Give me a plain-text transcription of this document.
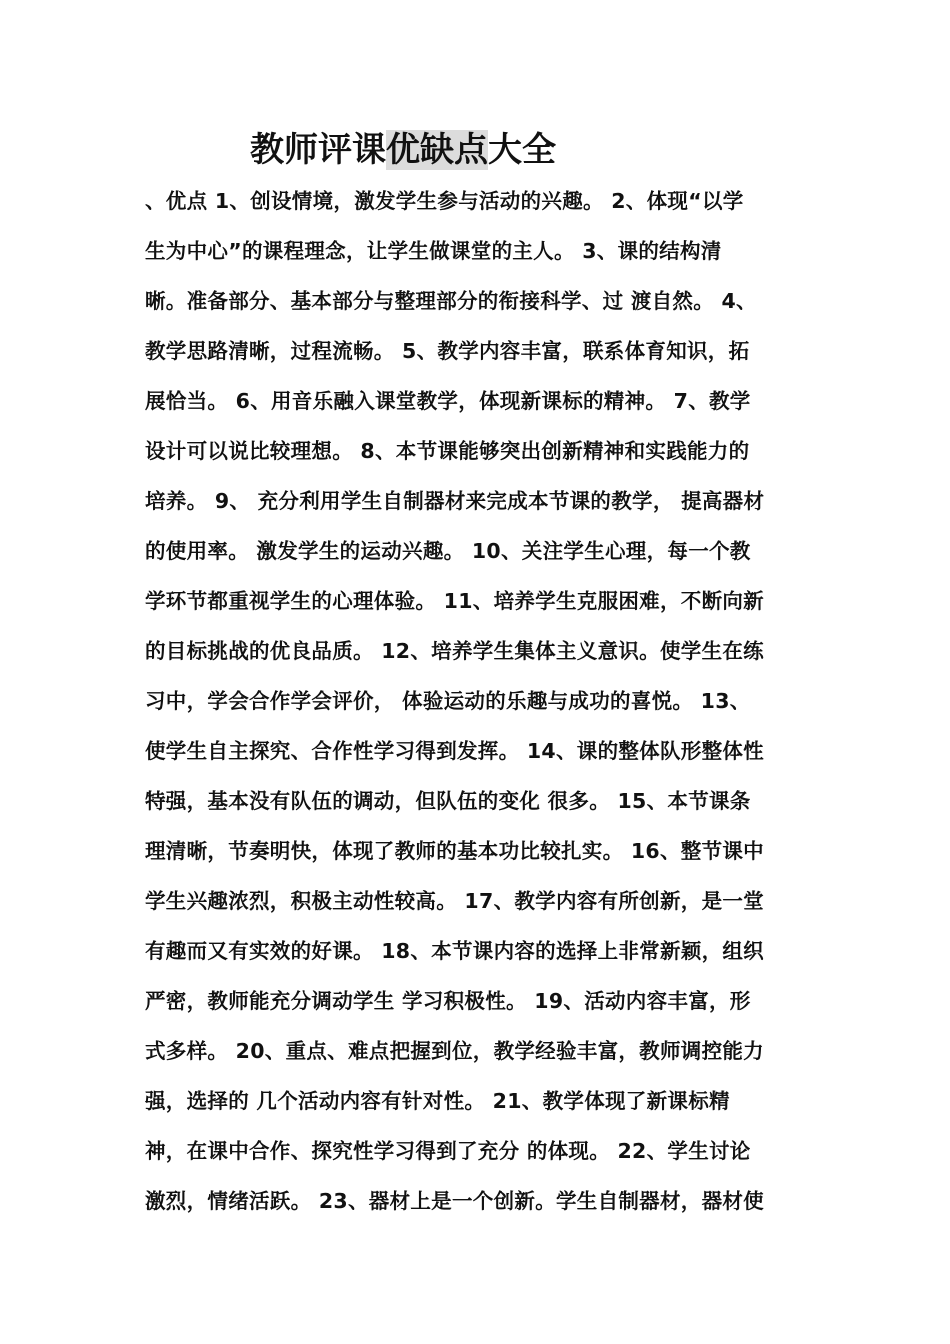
教师评课优缺点大全
、优点 1、创设情境，激发学生参与活动的兴趣。 2、体现“以学
生为中心”的课程理念，让学生做课堂的主人。 3、课的结构清
晰。准备部分、基本部分与整理部分的衔接科学、过 渡自然。 4、
教学思路清晰，过程流畅。 5、教学内容丰富，联系体育知识，拓
展恰当。 6、用音乐融入课堂教学，体现新课标的精神。 7、教学
设计可以说比较理想。 8、本节课能够突出创新精神和实践能力的
培养。 9、 充分利用学生自制器材来完成本节课的教学， 提高器材
的使用率。 激发学生的运动兴趣。 10、关注学生心理，每一个教
学环节都重视学生的心理体验。 11、培养学生克服困难，不断向新
的目标挑战的优良品质。 12、培养学生集体主义意识。使学生在练
习中，学会合作学会评价， 体验运动的乐趣与成功的喜悦。 13、
使学生自主探究、合作性学习得到发挥。 14、课的整体队形整体性
特强，基本没有队伍的调动，但队伍的变化 很多。 15、本节课条
理清晰，节奏明快，体现了教师的基本功比较扎实。 16、整节课中
学生兴趣浓烈，积极主动性较高。 17、教学内容有所创新，是一堂
有趣而又有实效的好课。 18、本节课内容的选择上非常新颖，组织
严密，教师能充分调动学生 学习积极性。 19、活动内容丰富，形
式多样。 20、重点、难点把握到位，教学经验丰富，教师调控能力
强，选择的 几个活动内容有针对性。 21、教学体现了新课标精
神，在课中合作、探究性学习得到了充分 的体现。 22、学生讨论
激烈，情绪活跃。 23、器材上是一个创新。学生自制器材，器材使
